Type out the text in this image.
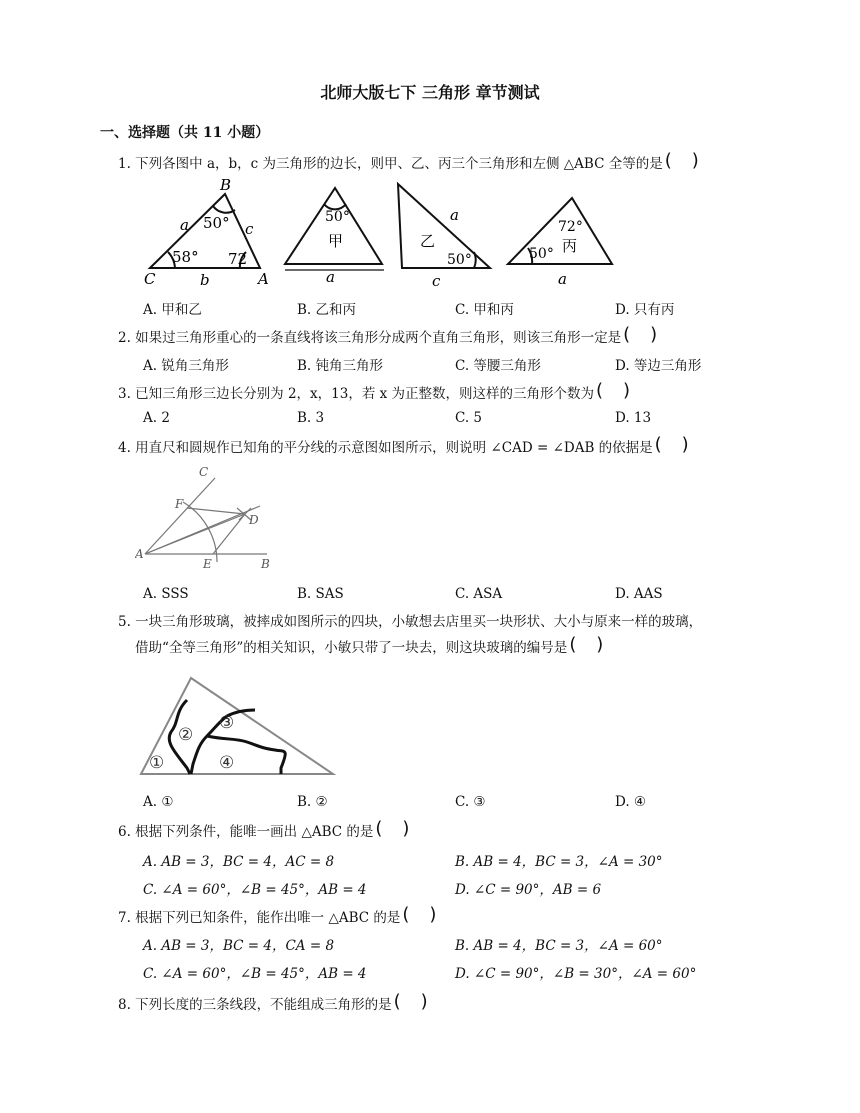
北师大版七下 三角形 章节测试
一、选择题（共 11 小题）
1. 下列各图中 a，b，c 为三角形的边长，则甲、乙、丙三个三角形和左侧 △ABC 全等的是( )
B
a	c
50°
58° 72
C	b	A
50°
甲
a
乙
a
50°
c
72°
丙
50°
a
A. 甲和乙	B. 乙和丙	C. 甲和丙	D. 只有丙
2. 如果过三角形重心的一条直线将该三角形分成两个直角三角形，则该三角形一定是( )
A. 锐角三角形	B. 钝角三角形	C. 等腰三角形	D. 等边三角形
3. 已知三角形三边长分别为 2，x，13，若 x 为正整数，则这样的三角形个数为( )
A. 2	B. 3	C. 5	D. 13
4. 用直尺和圆规作已知角的平分线的示意图如图所示，则说明 ∠CAD = ∠DAB 的依据是( )
C
F
D
A
E	B
A. SSS	B. SAS	C. ASA	D. AAS
5. 一块三角形玻璃，被摔成如图所示的四块，小敏想去店里买一块形状、大小与原来一样的玻璃，
借助“全等三角形”的相关知识，小敏只带了一块去，则这块玻璃的编号是( )
①
②
③
④
A. ①	B. ②	C. ③	D. ④
6. 根据下列条件，能唯一画出 △ABC 的是( )
A. AB = 3，BC = 4，AC = 8	B. AB = 4，BC = 3，∠A = 30°
C. ∠A = 60°，∠B = 45°，AB = 4	D. ∠C = 90°，AB = 6
7. 根据下列已知条件，能作出唯一 △ABC 的是( )
A. AB = 3，BC = 4，CA = 8	B. AB = 4，BC = 3，∠A = 60°
C. ∠A = 60°，∠B = 45°，AB = 4	D. ∠C = 90°，∠B = 30°，∠A = 60°
8. 下列长度的三条线段，不能组成三角形的是( )
